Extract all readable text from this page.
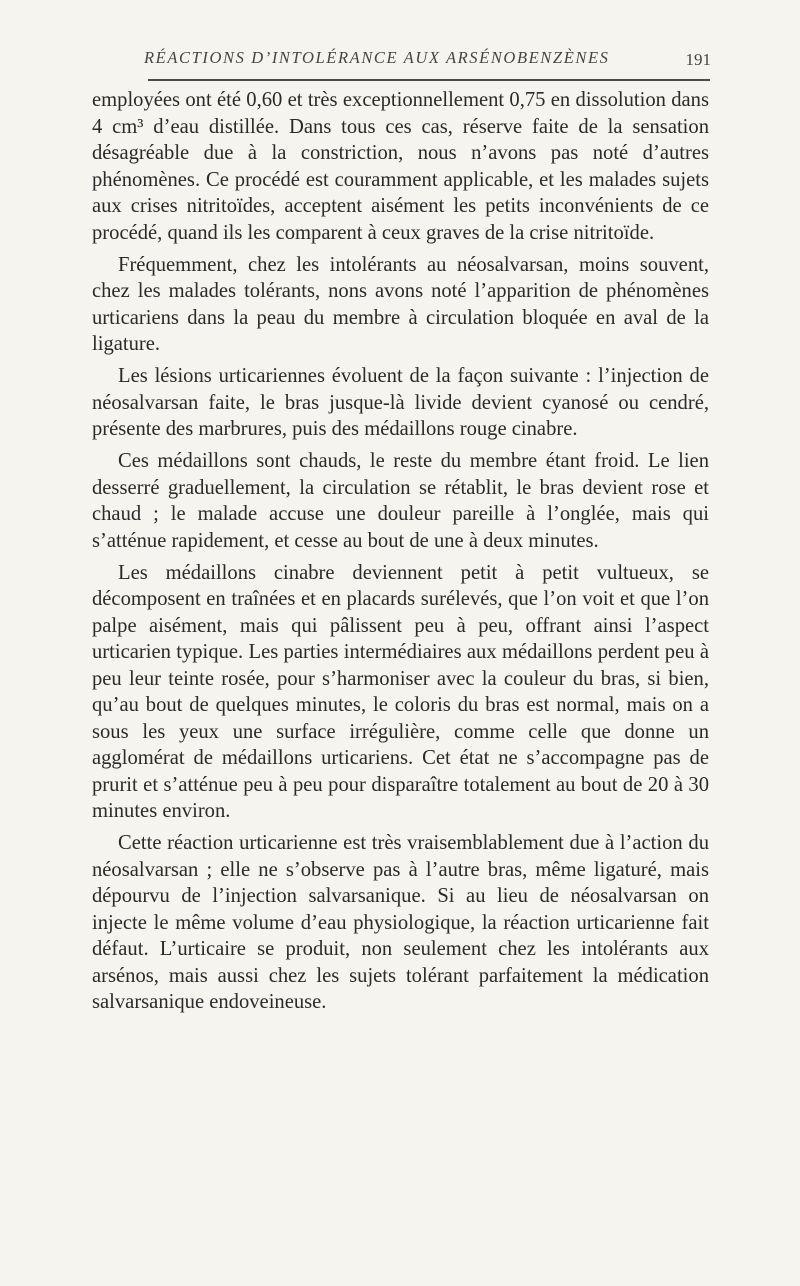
RÉACTIONS D’INTOLÉRANCE AUX ARSÉNOBENZÈNES	191

employées ont été 0,60 et très exceptionnellement 0,75 en dissolution dans 4 cm³ d’eau distillée. Dans tous ces cas, réserve faite de la sensation désagréable due à la constriction, nous n’avons pas noté d’autres phénomènes. Ce procédé est couramment applicable, et les malades sujets aux crises nitritoïdes, acceptent aisément les petits inconvénients de ce procédé, quand ils les comparent à ceux graves de la crise nitritoïde.

Fréquemment, chez les intolérants au néosalvarsan, moins souvent, chez les malades tolérants, nons avons noté l’apparition de phénomènes urticariens dans la peau du membre à circulation bloquée en aval de la ligature.

Les lésions urticariennes évoluent de la façon suivante : l’injection de néosalvarsan faite, le bras jusque-là livide devient cyanosé ou cendré, présente des marbrures, puis des médaillons rouge cinabre.

Ces médaillons sont chauds, le reste du membre étant froid. Le lien desserré graduellement, la circulation se rétablit, le bras devient rose et chaud ; le malade accuse une douleur pareille à l’onglée, mais qui s’atténue rapidement, et cesse au bout de une à deux minutes.

Les médaillons cinabre deviennent petit à petit vultueux, se décomposent en traînées et en placards surélevés, que l’on voit et que l’on palpe aisément, mais qui pâlissent peu à peu, offrant ainsi l’aspect urticarien typique. Les parties intermédiaires aux médaillons perdent peu à peu leur teinte rosée, pour s’harmoniser avec la couleur du bras, si bien, qu’au bout de quelques minutes, le coloris du bras est normal, mais on a sous les yeux une surface irrégulière, comme celle que donne un agglomérat de médaillons urticariens. Cet état ne s’accompagne pas de prurit et s’atténue peu à peu pour disparaître totalement au bout de 20 à 30 minutes environ.

Cette réaction urticarienne est très vraisemblablement due à l’action du néosalvarsan ; elle ne s’observe pas à l’autre bras, même ligaturé, mais dépourvu de l’injection salvarsanique. Si au lieu de néosalvarsan on injecte le même volume d’eau physiologique, la réaction urticarienne fait défaut. L’urticaire se produit, non seulement chez les intolérants aux arsénos, mais aussi chez les sujets tolérant parfaitement la médication salvarsanique endoveineuse.
